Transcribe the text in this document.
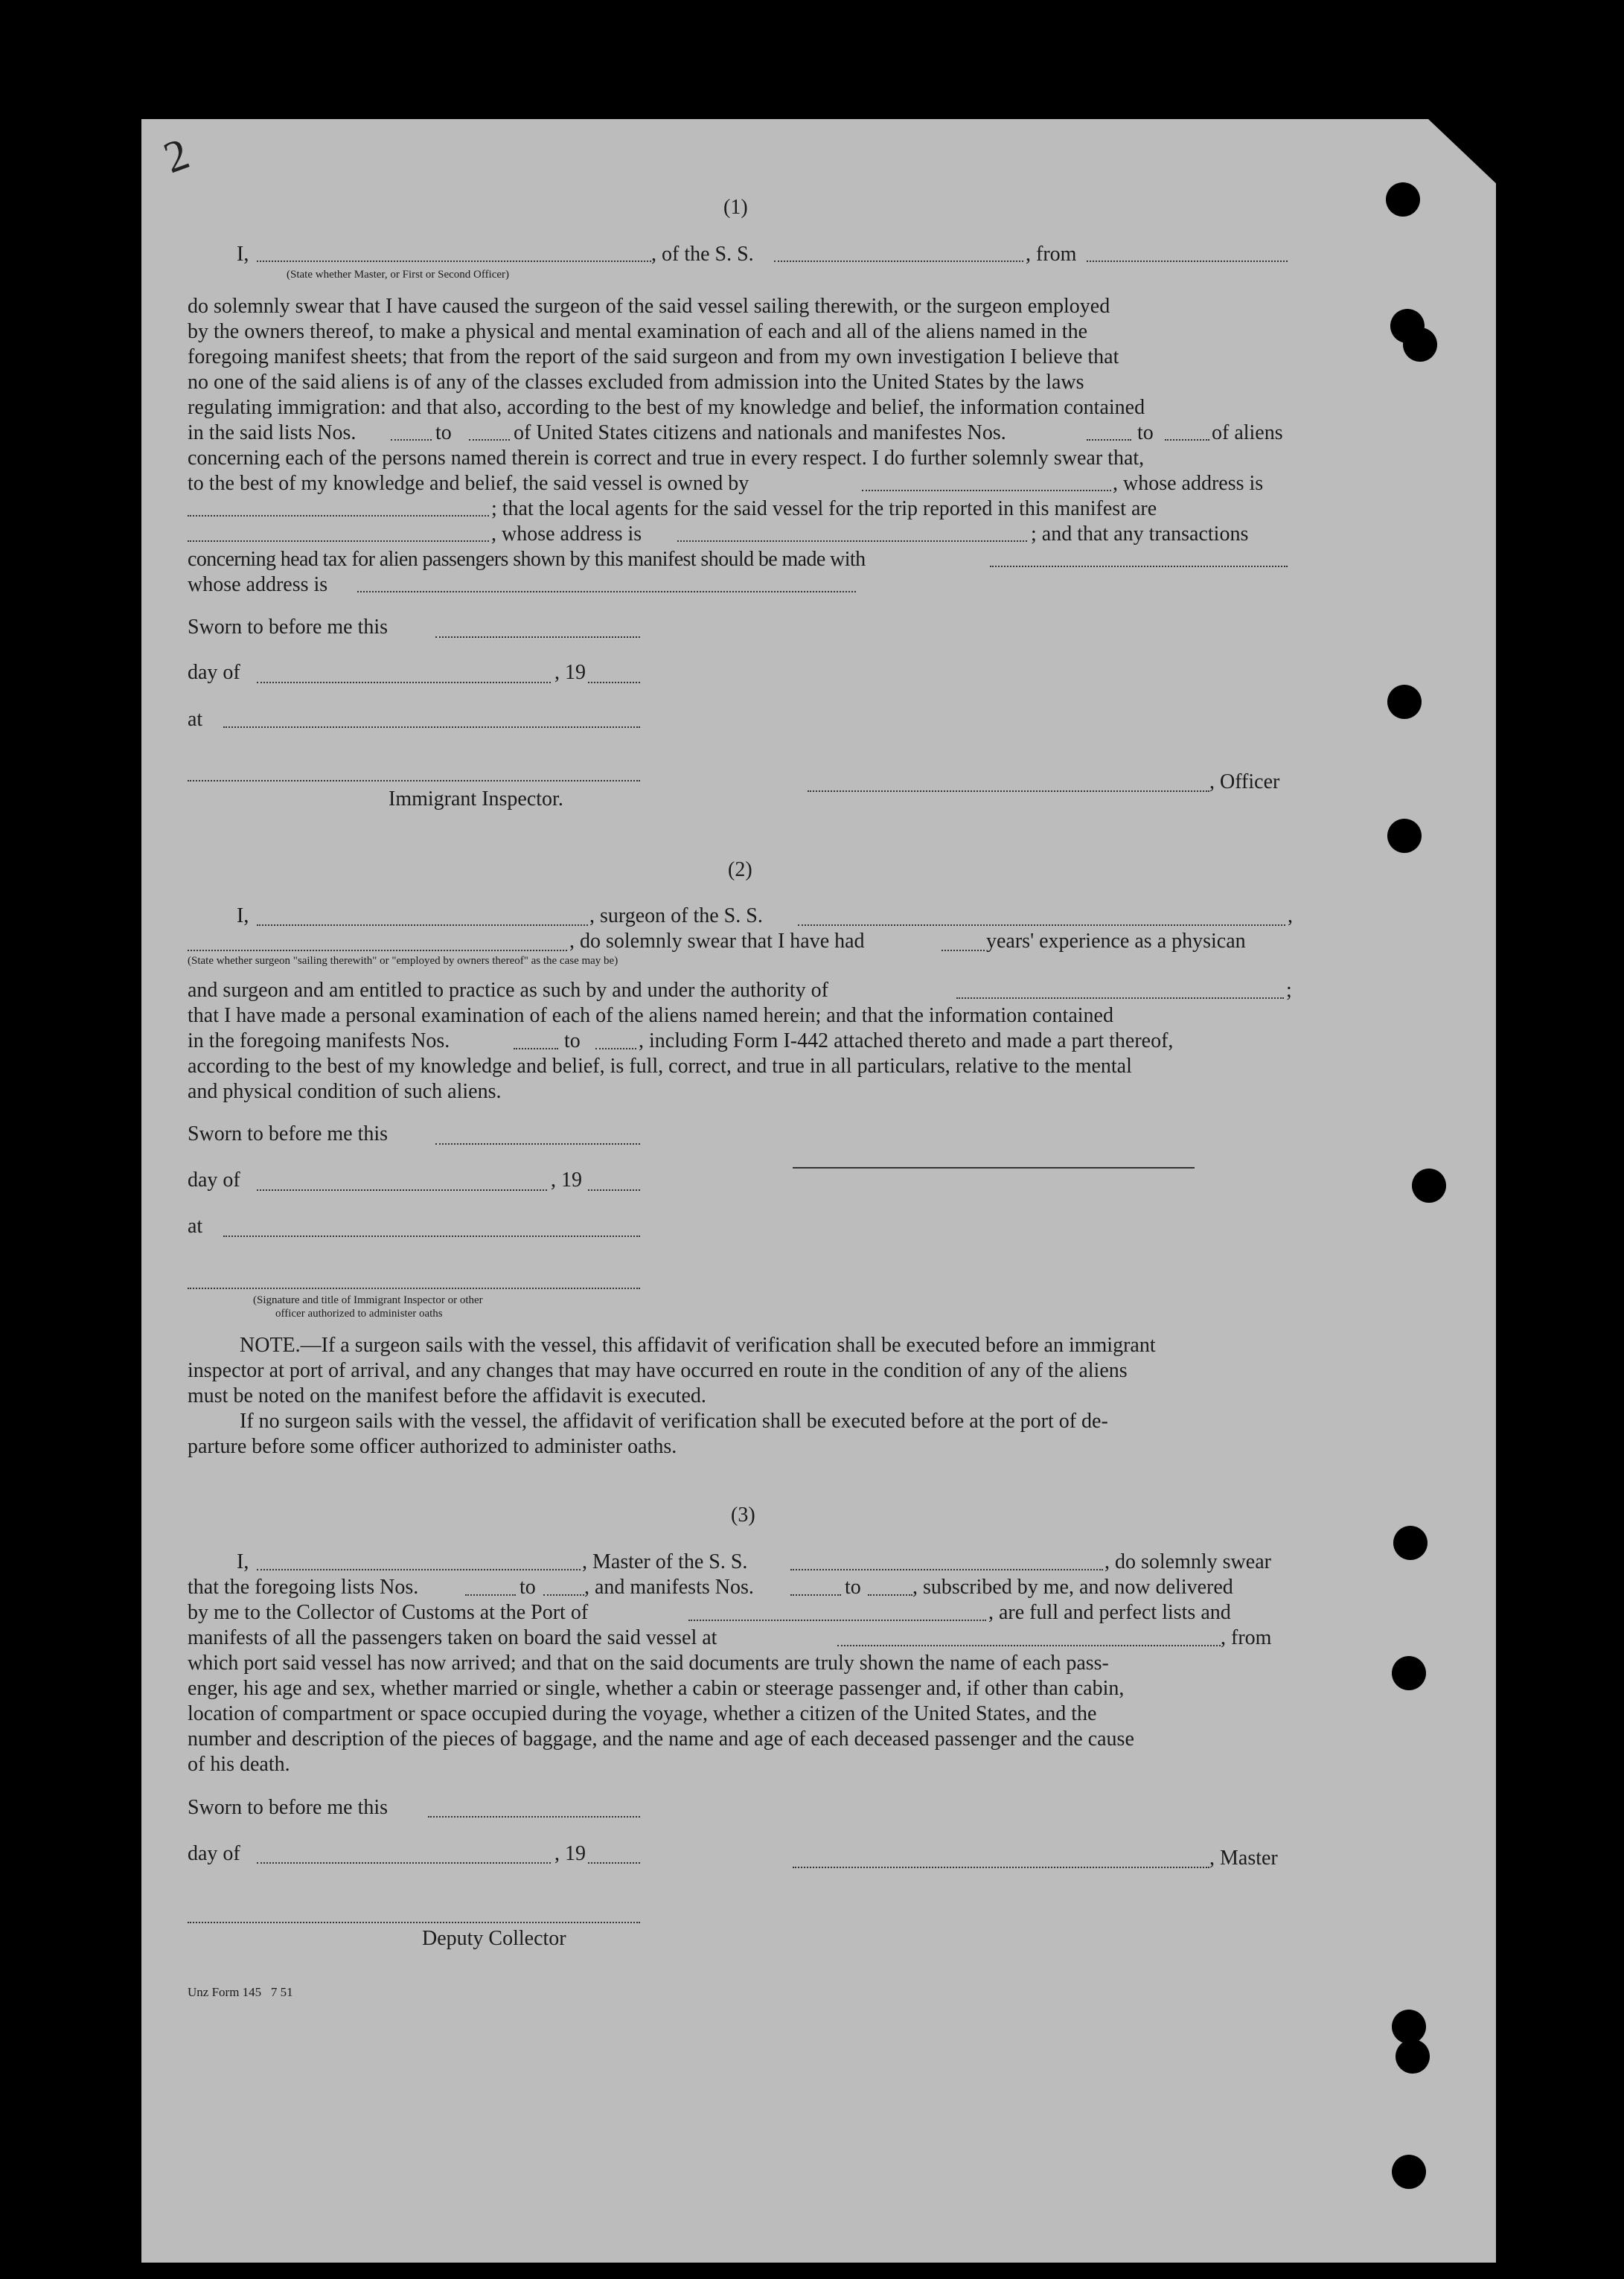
2
(1)
I,
(State whether Master, or First or Second Officer)
, of the S. S.	, from
do solemnly swear that I have caused the surgeon of the said vessel sailing therewith, or the surgeon employed
by the owners thereof, to make a physical and mental examination of each and all of the aliens named in the
foregoing manifest sheets; that from the report of the said surgeon and from my own investigation I believe that
no one of the said aliens is of any of the classes excluded from admission into the United States by the laws
regulating immigration: and that also, according to the best of my knowledge and belief, the information contained
in the said lists Nos.	to	of United States citizens and nationals and manifestes Nos.	to	of aliens
concerning each of the persons named therein is correct and true in every respect. I do further solemnly swear that,
to the best of my knowledge and belief, the said vessel is owned by	, whose address is
; that the local agents for the said vessel for the trip reported in this manifest are
, whose address is	; and that any transactions
concerning head tax for alien passengers shown by this manifest should be made with
whose address is
Sworn to before me this
day of	, 19
at
, Officer
Immigrant Inspector.
(2)
I,	, surgeon of the S. S.	,
, do solemnly swear that I have had	years' experience as a physican
(State whether surgeon "sailing therewith" or "employed by owners thereof" as the case may be)
and surgeon and am entitled to practice as such by and under the authority of	;
that I have made a personal examination of each of the aliens named herein; and that the information contained
in the foregoing manifests Nos.	to	, including Form I-442 attached thereto and made a part thereof,
according to the best of my knowledge and belief, is full, correct, and true in all particulars, relative to the mental
and physical condition of such aliens.
Sworn to before me this
day of	, 19
at
(Signature and title of Immigrant Inspector or other
officer authorized to administer oaths
NOTE.—If a surgeon sails with the vessel, this affidavit of verification shall be executed before an immigrant
inspector at port of arrival, and any changes that may have occurred en route in the condition of any of the aliens
must be noted on the manifest before the affidavit is executed.
If no surgeon sails with the vessel, the affidavit of verification shall be executed before at the port of de-
parture before some officer authorized to administer oaths.
(3)
I,	, Master of the S. S.	, do solemnly swear
that the foregoing lists Nos.	to , and manifests Nos.	to , subscribed by me, and now delivered
by me to the Collector of Customs at the Port of	, are full and perfect lists and
manifests of all the passengers taken on board the said vessel at	, from
which port said vessel has now arrived; and that on the said documents are truly shown the name of each pass-
enger, his age and sex, whether married or single, whether a cabin or steerage passenger and, if other than cabin,
location of compartment or space occupied during the voyage, whether a citizen of the United States, and the
number and description of the pieces of baggage, and the name and age of each deceased passenger and the cause
of his death.
Sworn to before me this
day of	, 19	, Master
Deputy Collector
Unz Form 145   7 51
